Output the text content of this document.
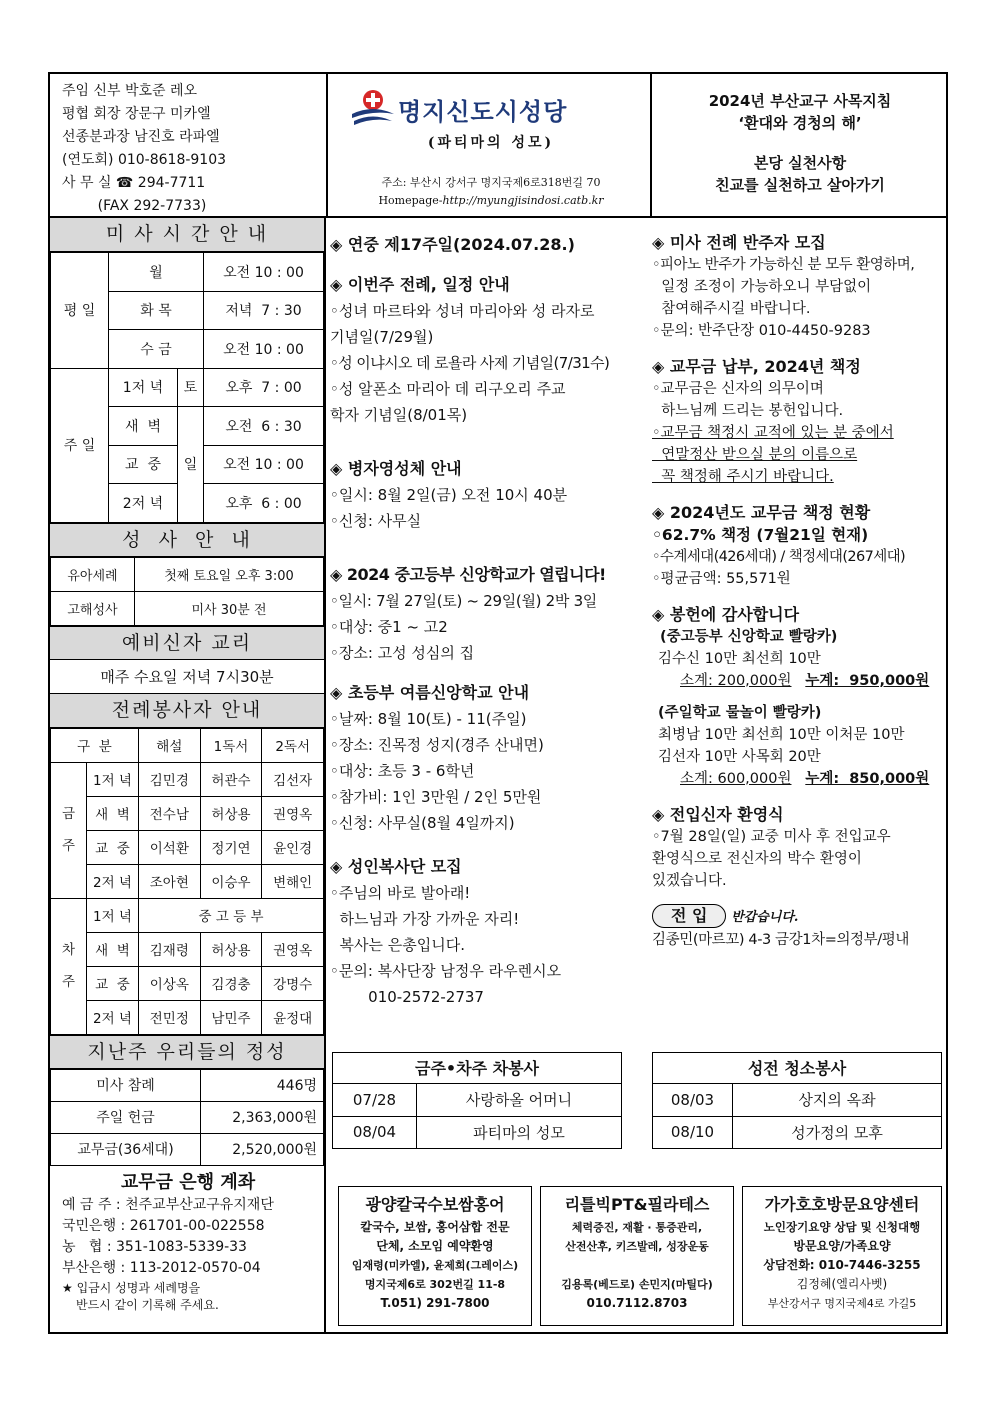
주임 신부 박호준 레오
평협 회장 장문구 미카엘
선종분과장 남진호 라파엘
(연도회) 010-8618-9103
사 무 실 ☎ 294-7711
(FAX 292-7733)
명지신도시성당
(파티마의 성모)
주소: 부산시 강서구 명지국제6로318번길 70
Homepage-http://myungjisindosi.catb.kr
2024년 부산교구 사목지침
‘환대와 경청의 해’
본당 실천사항
친교를 실천하고 살아가기
미 사 시 간 안 내
평 일	월		오전 10 : 00
	화 목		저녁  7 : 30
	수 금		오전 10 : 00
주 일	1저 녁	토	오후  7 : 00
	새  벽	일	오전  6 : 30
	교  중		오전 10 : 00
	2저 녁		오후  6 : 00
성  사  안  내
유아세례	첫째 토요일 오후 3:00
고해성사	미사 30분 전
예비신자 교리
매주 수요일 저녁 7시30분
전례봉사자 안내
구  분		해설	1독서	2독서
금

주	1저 녁	김민경	허관수	김선자
	새  벽	전수남	허상용	권영옥
	교  중	이석환	정기연	윤인경
	2저 녁	조아현	이승우	변해인
차

주	1저 녁	중 고 등 부		
	새  벽	김재령	허상용	권영옥
	교  중	이상옥	김경충	강명수
	2저 녁	전민정	남민주	윤정대
지난주 우리들의 정성
미사 참례	446명
주일 헌금	2,363,000원
교무금(36세대)	2,520,000원
교무금 은행 계좌
예 금 주 : 천주교부산교구유지재단
국민은행 : 261701-00-022558
농   협 : 351-1083-5339-33
부산은행 : 113-2012-0570-04
★ 입금시 성명과 세례명을
반드시 같이 기록해 주세요.
◈ 연중 제17주일(2024.07.28.)
◈ 이번주 전례, 일정 안내
◦성녀 마르타와 성녀 마리아와 성 라자로
기념일(7/29월)
◦성 이냐시오 데 로욜라 사제 기념일(7/31수)
◦성 알폰소 마리아 데 리구오리 주교
학자 기념일(8/01목)
◈ 병자영성체 안내
◦일시: 8월 2일(금) 오전 10시 40분
◦신청: 사무실
◈ 2024 중고등부 신앙학교가 열립니다!
◦일시: 7월 27일(토) ~ 29일(월) 2박 3일
◦대상: 중1 ~ 고2
◦장소: 고성 성심의 집
◈ 초등부 여름신앙학교 안내
◦날짜: 8월 10(토) - 11(주일)
◦장소: 진목정 성지(경주 산내면)
◦대상: 초등 3 - 6학년
◦참가비: 1인 3만원 / 2인 5만원
◦신청: 사무실(8월 4일까지)
◈ 성인복사단 모집
◦주님의 바로 발아래!
하느님과 가장 가까운 자리!
복사는 은총입니다.
◦문의: 복사단장 남정우 라우렌시오
010-2572-2737
◈ 미사 전례 반주자 모집
◦피아노 반주가 가능하신 분 모두 환영하며,
일정 조정이 가능하오니 부담없이
참여해주시길 바랍니다.
◦문의: 반주단장 010-4450-9283
◈ 교무금 납부, 2024년 책정
◦교무금은 신자의 의무이며
하느님께 드리는 봉헌입니다.
◦교무금 책정시 교적에 있는 분 중에서
연말정산 받으실 분의 이름으로
꼭 책정해 주시기 바랍니다.
◈ 2024년도 교무금 책정 현황
◦62.7% 책정 (7월21일 현재)
◦수계세대(426세대) / 책정세대(267세대)
◦평균금액: 55,571원
◈ 봉헌에 감사합니다
(중고등부 신앙학교 빨랑카)
김수신 10만 최선희 10만
소계: 200,000원 누계:  950,000원
(주일학교 물놀이 빨랑카)
최병남 10만 최선희 10만 이처문 10만
김선자 10만 사목회 20만
소계: 600,000원 누계:  850,000원
◈ 전입신자 환영식
◦7월 28일(일) 교중 미사 후 전입교우
환영식으로 전신자의 박수 환영이
있겠습니다.
전 입 반갑습니다.
김종민(마르꼬) 4-3 금강1차=의정부/평내
금주•차주 차봉사
07/28	사랑하올 어머니
08/04	파티마의 성모
성전 청소봉사
08/03	상지의 옥좌
08/10	성가정의 모후
광양칼국수보쌈홍어
칼국수, 보쌈, 홍어삼합 전문
단체, 소모임 예약환영
임재령(미카엘), 윤제희(그레이스)
명지국제6로 302번길 11-8
T.051) 291-7800
리틀빅PT&필라테스
체력증진, 재활 · 통증관리,
산전산후, 키즈발레, 성장운동
김용록(베드로) 손민지(마틸다)
010.7112.8703
가가호호방문요양센터
노인장기요양 상담 및 신청대행
방문요양/가족요양
상담전화: 010-7446-3255
김정혜(엘리사벳)
부산강서구 명지국제4로 가길5
